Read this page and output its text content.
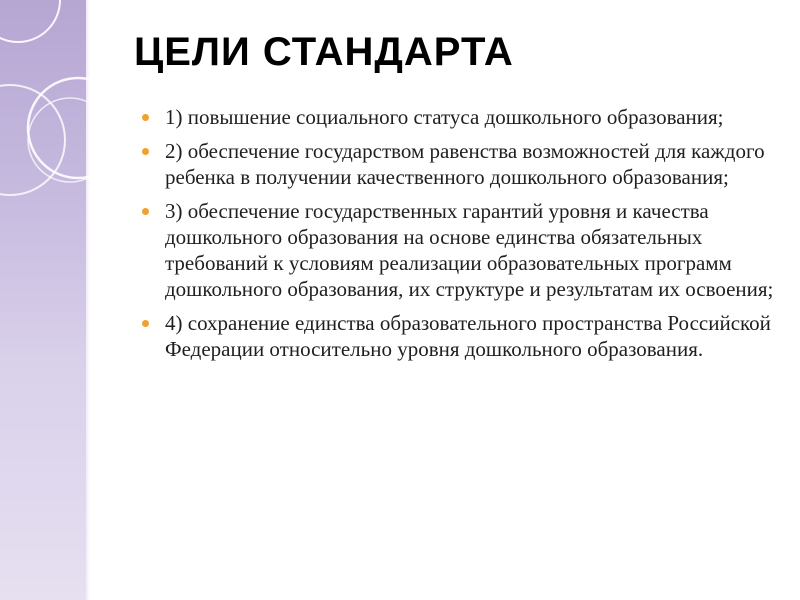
ЦЕЛИ СТАНДАРТА
1) повышение социального статуса дошкольного образования;
2) обеспечение государством равенства возможностей для каждого ребенка в получении качественного дошкольного образования;
3) обеспечение государственных гарантий уровня и качества дошкольного образования на основе единства обязательных требований к условиям реализации образовательных программ дошкольного образования, их структуре и результатам их освоения;
4) сохранение единства образовательного пространства Российской Федерации относительно уровня дошкольного образования.
